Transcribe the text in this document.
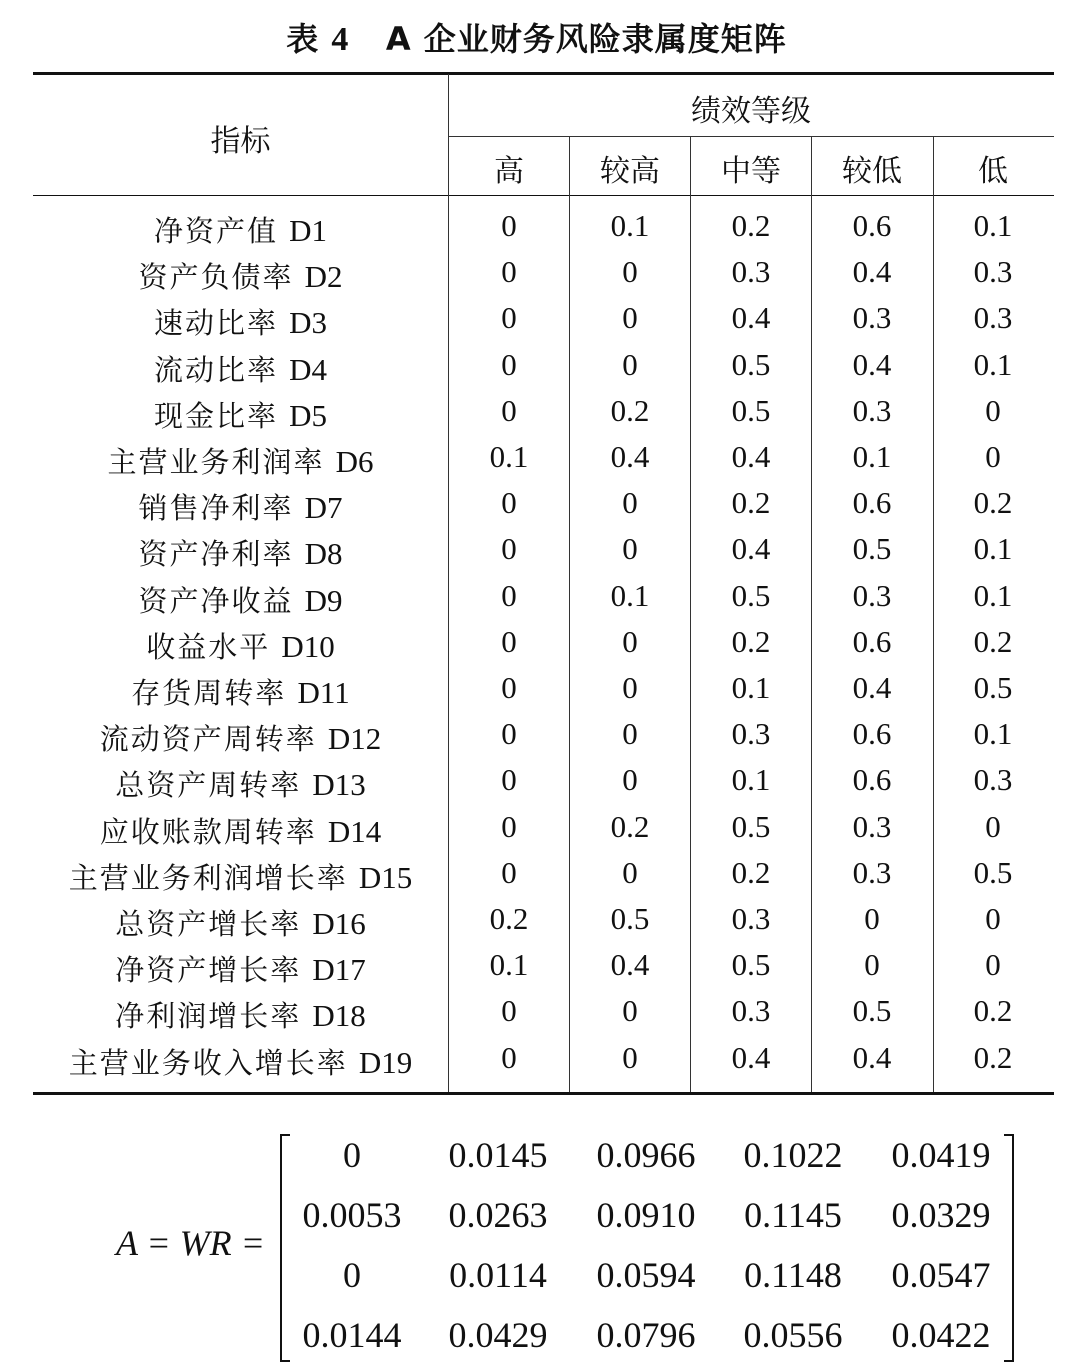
表 4 A 企业财务风险隶属度矩阵
指标
绩效等级
高	较高	中等	较低	低
净资产值 D1	0	0.1	0.2	0.6	0.1
资产负债率 D2	0	0	0.3	0.4	0.3
速动比率 D3	0	0	0.4	0.3	0.3
流动比率 D4	0	0	0.5	0.4	0.1
现金比率 D5	0	0.2	0.5	0.3	0
主营业务利润率 D6	0.1	0.4	0.4	0.1	0
销售净利率 D7	0	0	0.2	0.6	0.2
资产净利率 D8	0	0	0.4	0.5	0.1
资产净收益 D9	0	0.1	0.5	0.3	0.1
收益水平 D10	0	0	0.2	0.6	0.2
存货周转率 D11	0	0	0.1	0.4	0.5
流动资产周转率 D12	0	0	0.3	0.6	0.1
总资产周转率 D13	0	0	0.1	0.6	0.3
应收账款周转率 D14	0	0.2	0.5	0.3	0
主营业务利润增长率 D15	0	0	0.2	0.3	0.5
总资产增长率 D16	0.2	0.5	0.3	0	0
净资产增长率 D17	0.1	0.4	0.5	0	0
净利润增长率 D18	0	0	0.3	0.5	0.2
主营业务收入增长率 D19	0	0	0.4	0.4	0.2
A = WR =
0	0.0145	0.0966	0.1022	0.0419
0.0053	0.0263	0.0910	0.1145	0.0329
0	0.0114	0.0594	0.1148	0.0547
0.0144	0.0429	0.0796	0.0556	0.0422
